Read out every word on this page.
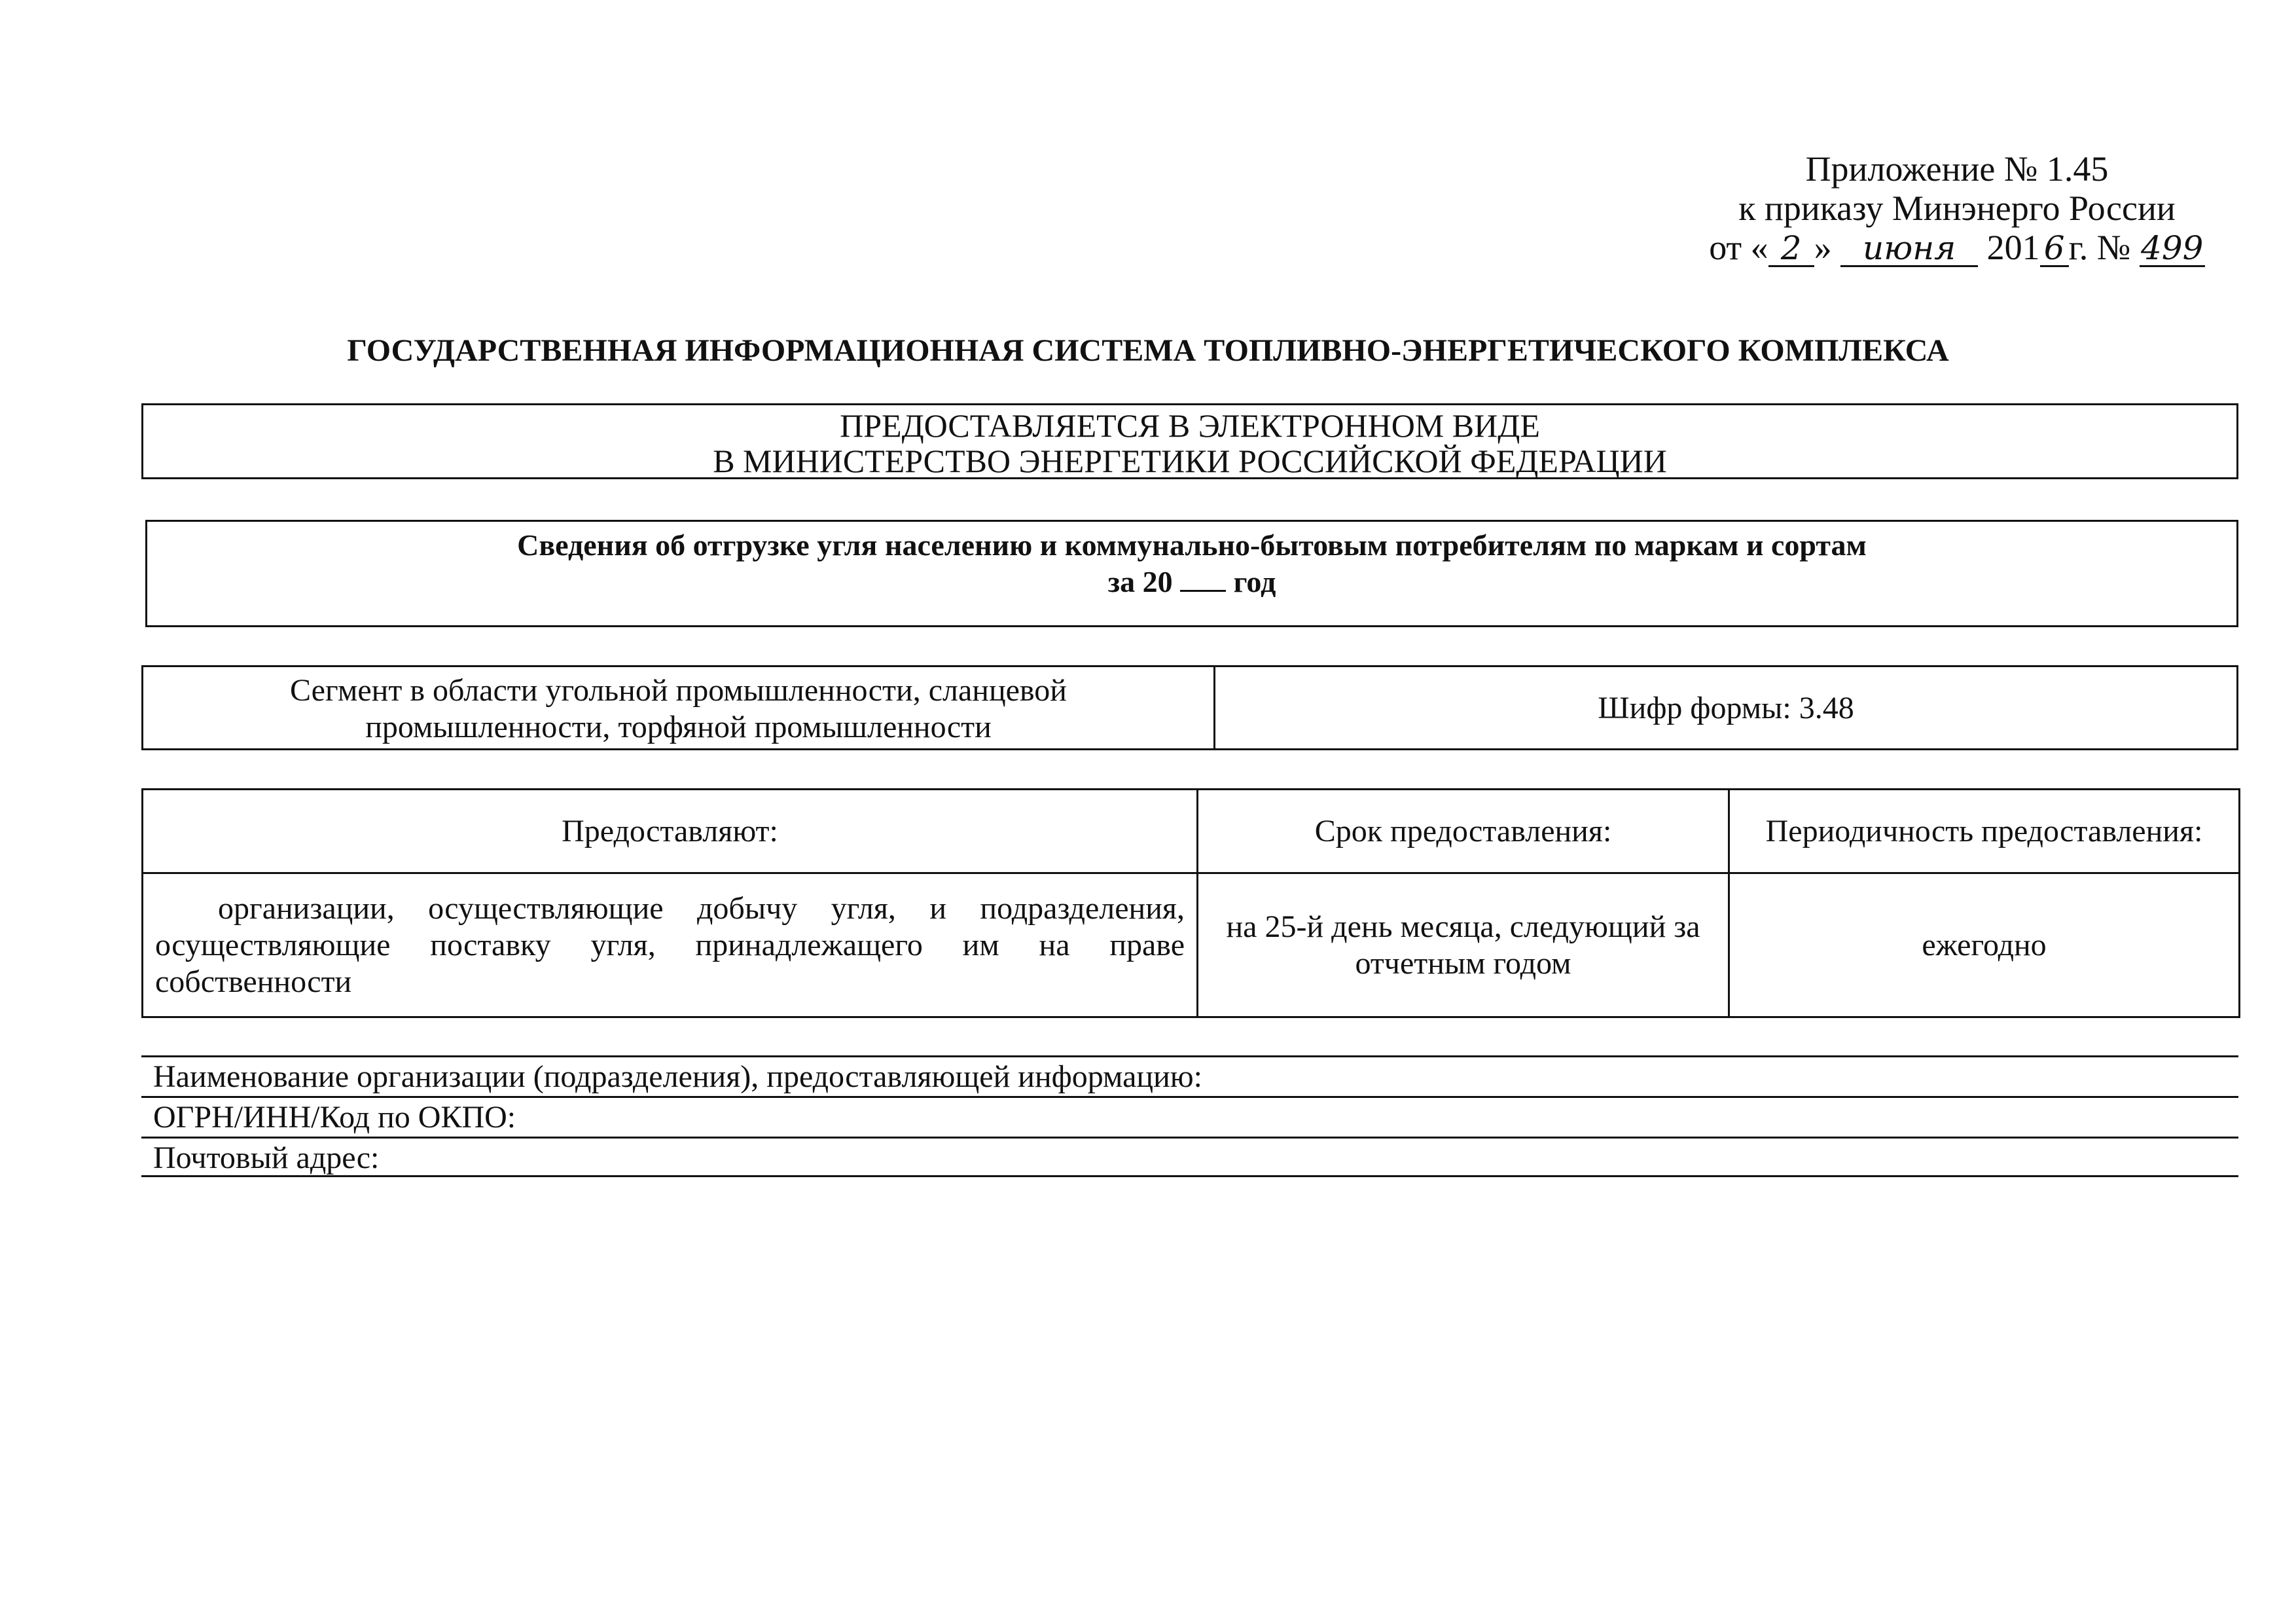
Приложение № 1.45
к приказу Минэнерго России
от « 2 » июня 201 6 г. № 499
ГОСУДАРСТВЕННАЯ ИНФОРМАЦИОННАЯ СИСТЕМА ТОПЛИВНО-ЭНЕРГЕТИЧЕСКОГО КОМПЛЕКСА
ПРЕДОСТАВЛЯЕТСЯ В ЭЛЕКТРОННОМ ВИДЕ
В МИНИСТЕРСТВО ЭНЕРГЕТИКИ РОССИЙСКОЙ ФЕДЕРАЦИИ
Сведения об отгрузке угля населению и коммунально-бытовым потребителям по маркам и сортам
за 20 год
Сегмент в области угольной промышленности, сланцевой
промышленности, торфяной промышленности
Шифр формы: 3.48
Предоставляют:	Срок предоставления:	Периодичность предоставления:
организации, осуществляющие добычу угля, и подразделения, осуществляющие поставку угля, принадлежащего им на праве собственности	на 25-й день месяца, следующий за отчетным годом	ежегодно
Наименование организации (подразделения), предоставляющей информацию:
ОГРН/ИНН/Код по ОКПО:
Почтовый адрес:
